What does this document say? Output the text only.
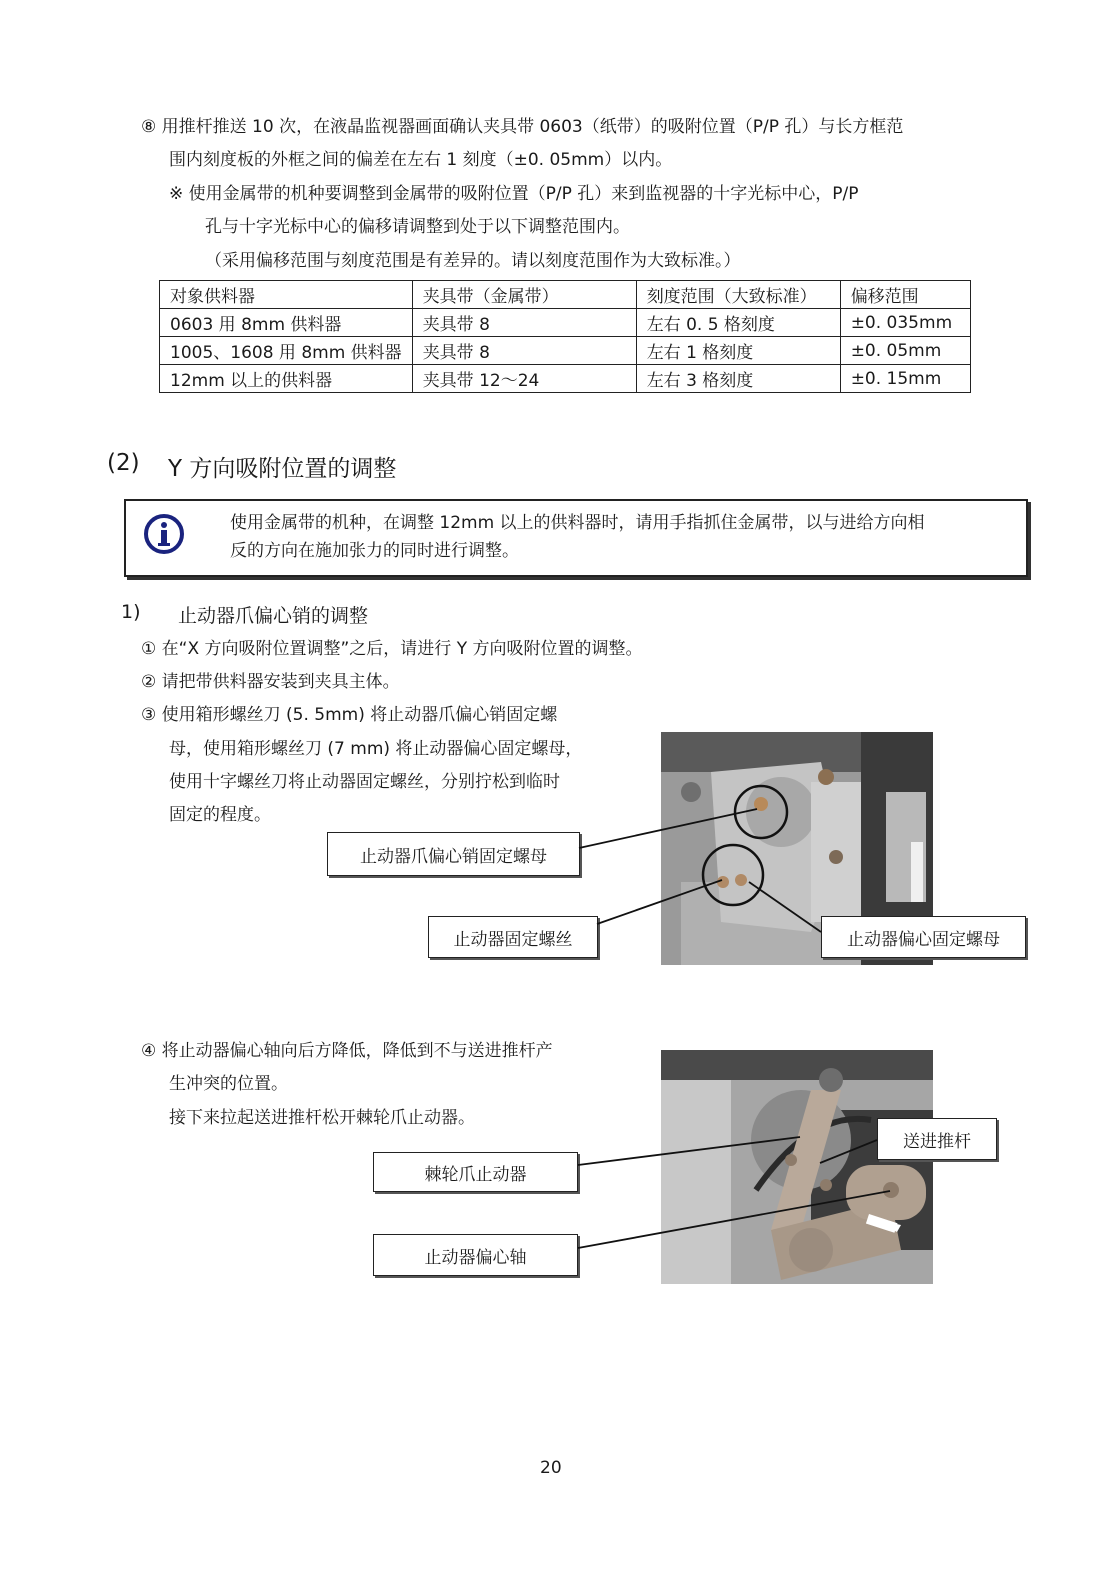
⑧ 用推杆推送 10 次，在液晶监视器画面确认夹具带 0603（纸带）的吸附位置（P/P 孔）与长方框范
围内刻度板的外框之间的偏差在左右 1 刻度（±0. 05mm）以内。
※ 使用金属带的机种要调整到金属带的吸附位置（P/P 孔）来到监视器的十字光标中心，P/P
孔与十字光标中心的偏移请调整到处于以下调整范围内。
（采用偏移范围与刻度范围是有差异的。请以刻度范围作为大致标准。）
对象供料器	夹具带（金属带）	刻度范围（大致标准）	偏移范围
0603 用 8mm 供料器	夹具带 8	左右 0. 5 格刻度	±0. 035mm
1005、1608 用 8mm 供料器	夹具带 8	左右 1 格刻度	±0. 05mm
12mm 以上的供料器	夹具带 12～24	左右 3 格刻度	±0. 15mm
(2) Y 方向吸附位置的调整
使用金属带的机种，在调整 12mm 以上的供料器时，请用手指抓住金属带，以与进给方向相
反的方向在施加张力的同时进行调整。
1) 止动器爪偏心销的调整
① 在“X 方向吸附位置调整”之后，请进行 Y 方向吸附位置的调整。
② 请把带供料器安装到夹具主体。
③ 使用箱形螺丝刀 (5. 5mm) 将止动器爪偏心销固定螺
母，使用箱形螺丝刀 (7 mm) 将止动器偏心固定螺母，
使用十字螺丝刀将止动器固定螺丝，分别拧松到临时
固定的程度。
止动器爪偏心销固定螺母
止动器固定螺丝	止动器偏心固定螺母
④ 将止动器偏心轴向后方降低，降低到不与送进推杆产
生冲突的位置。
接下来拉起送进推杆松开棘轮爪止动器。
送进推杆
棘轮爪止动器
止动器偏心轴
20
